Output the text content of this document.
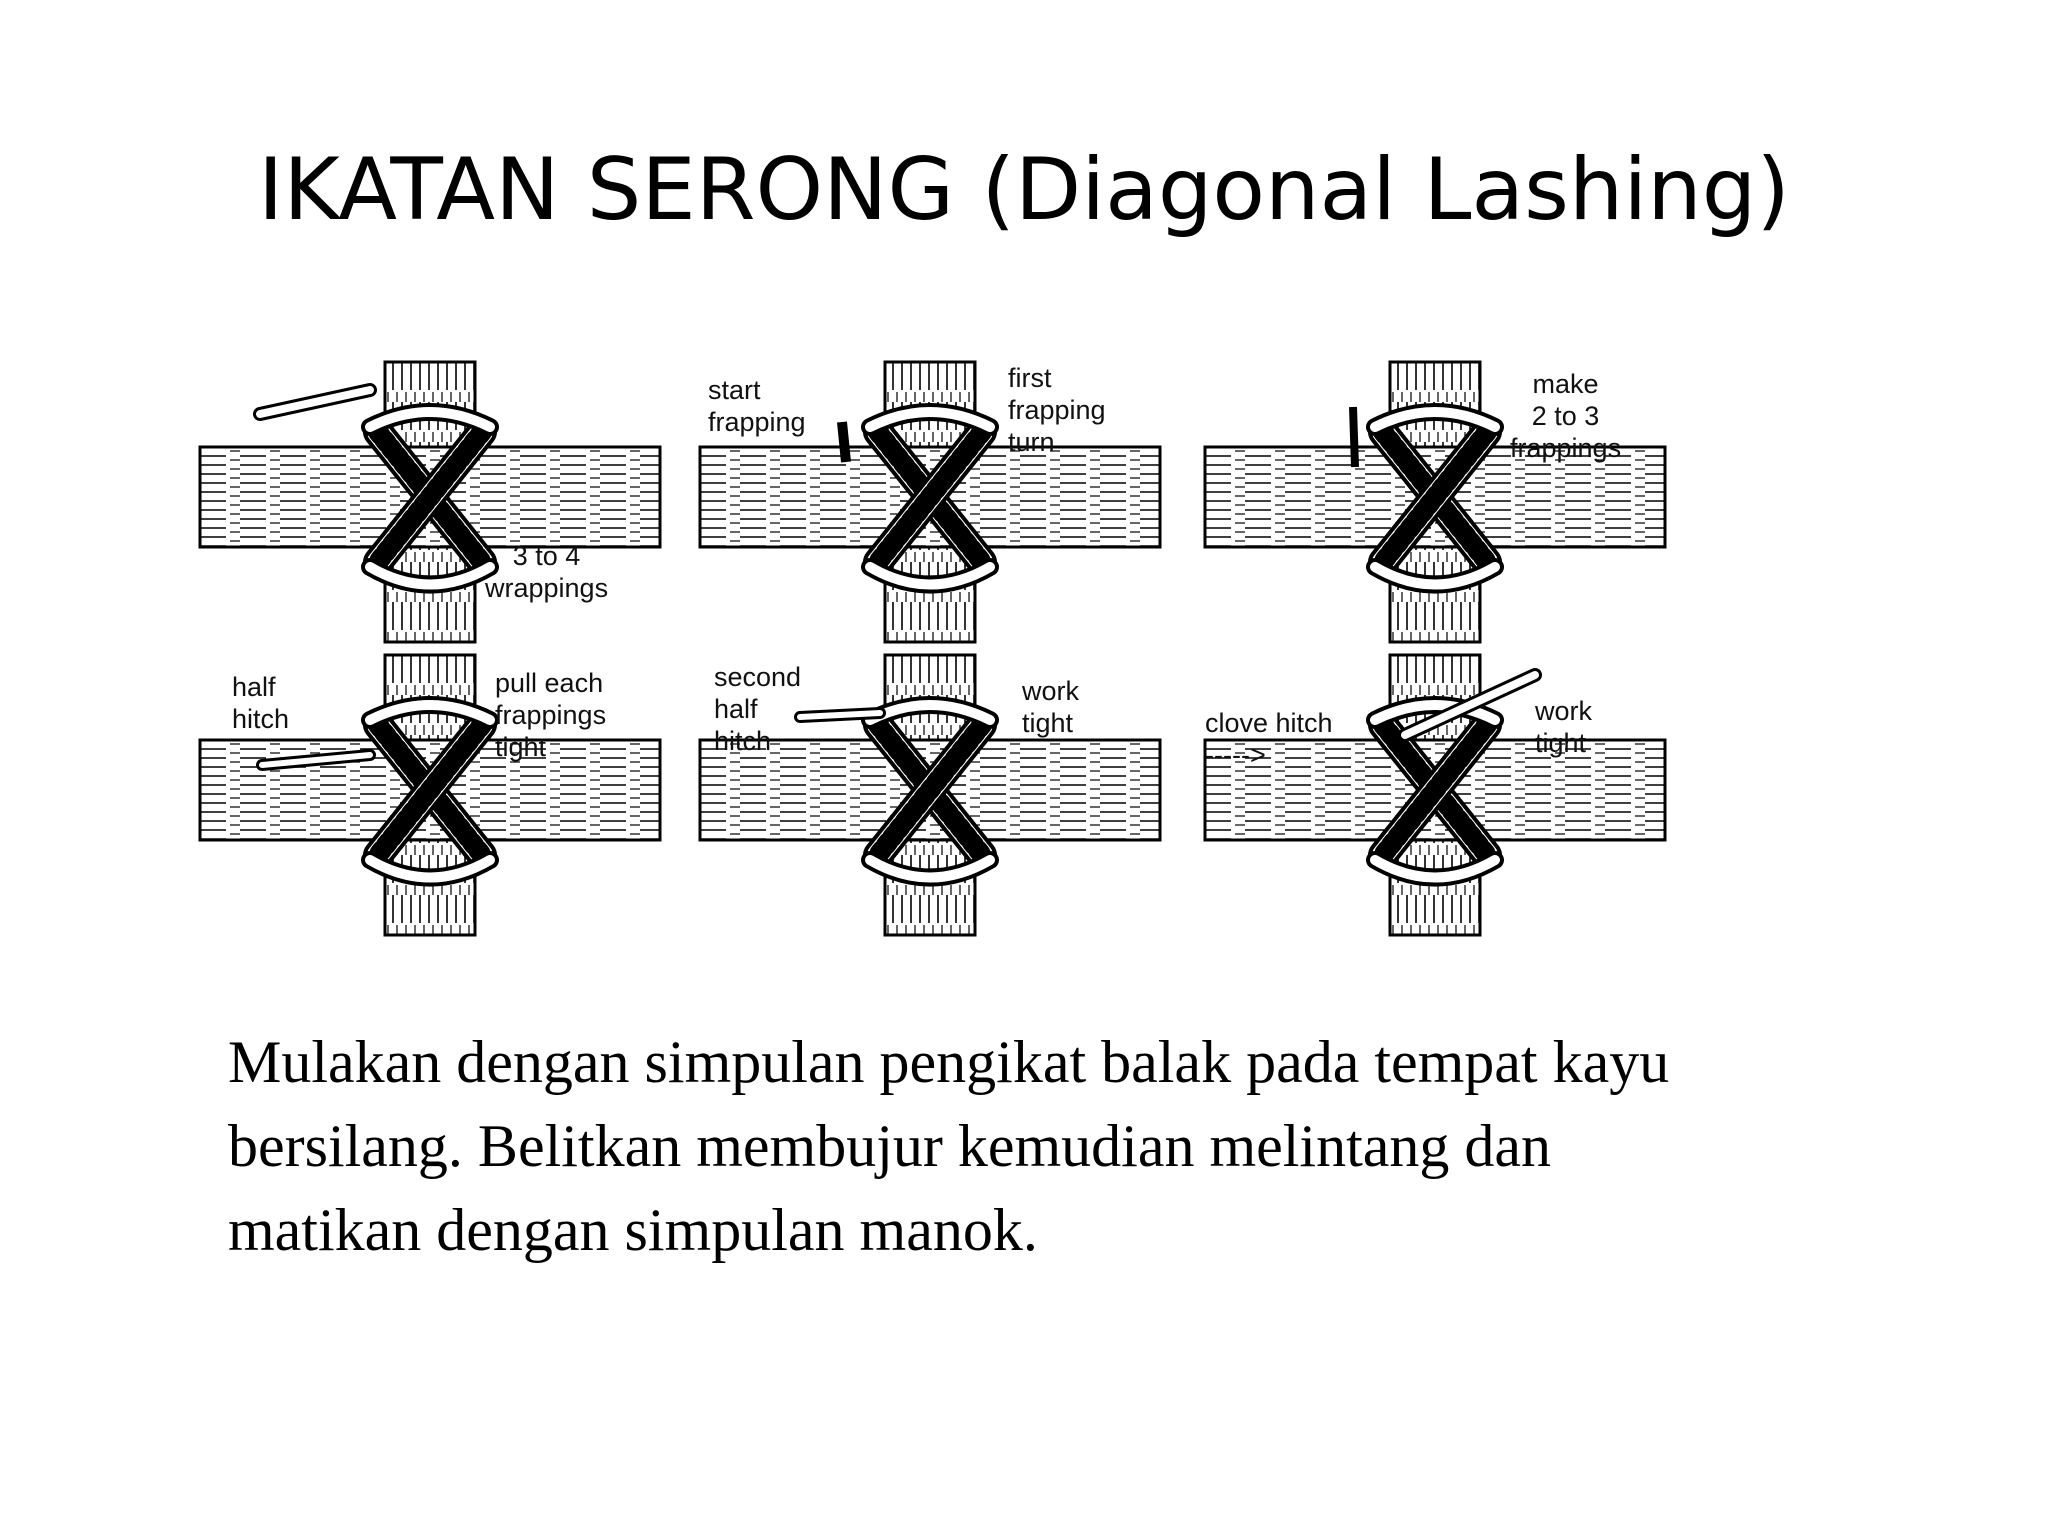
IKATAN SERONG (Diagonal Lashing)
3 to 4
wrappings
start
frapping
first
frapping
turn
make
2 to 3
frappings
half
hitch
pull each
frappings
tight
second
half
hitch
work
tight	clove hitch
----->
work
tight
Mulakan dengan simpulan pengikat balak pada tempat kayu bersilang. Belitkan membujur kemudian melintang dan matikan dengan simpulan manok.
